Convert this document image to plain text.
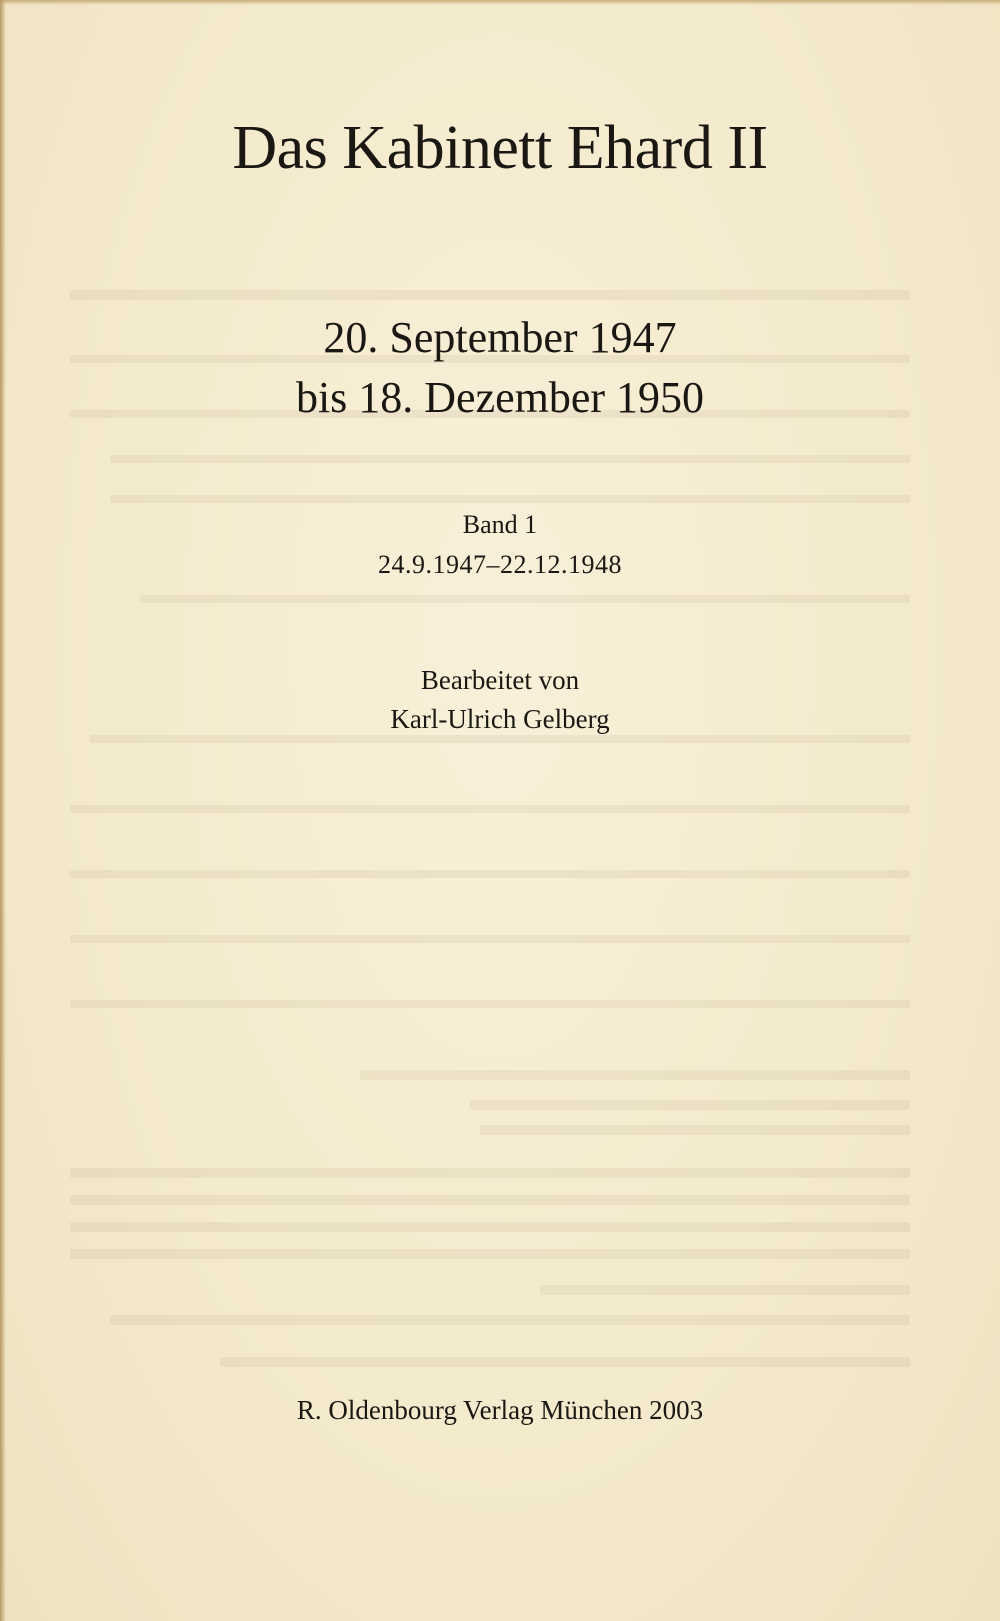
Das Kabinett Ehard II
20. September 1947
bis 18. Dezember 1950
Band 1
24.9.1947–22.12.1948
Bearbeitet von
Karl-Ulrich Gelberg
R. Oldenbourg Verlag München 2003
